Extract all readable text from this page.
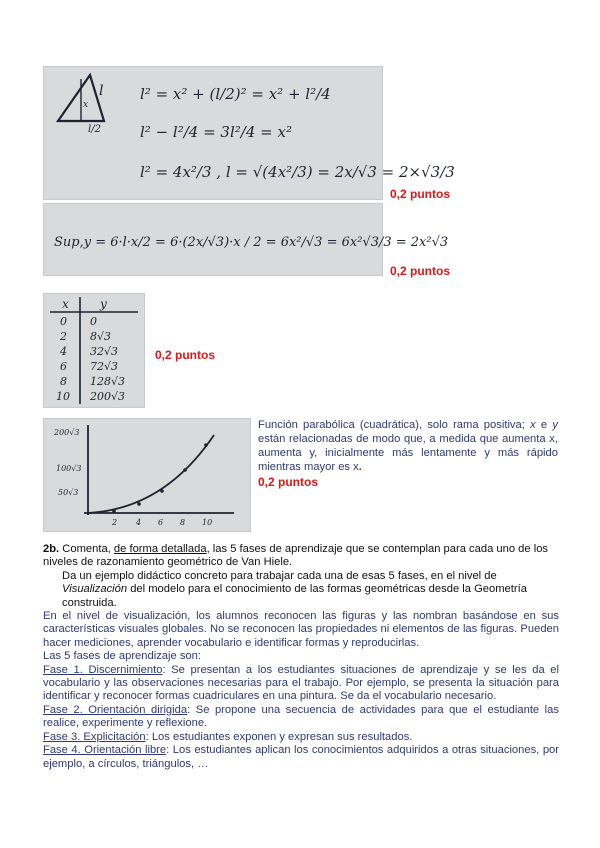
l
x
l/2
l² = x² + (l/2)² = x² + l²/4
l² − l²/4 = 3l²/4 = x²
l² = 4x²/3 , l = √(4x²/3) = 2x/√3 = 2×√3/3
0,2 puntos
Sup,y = 6·l·x/2 = 6·(2x/√3)·x / 2 = 6x²/√3 = 6x²√3/3 = 2x²√3
0,2 puntos
x	y
0 0
2 8√3
4 32√3
6 72√3
8 128√3
10 200√3
0,2 puntos
200√3
100√3
50√3
2 4 6 8 10
Función parabólica (cuadrática), solo rama positiva; x e y están relacionadas de modo que, a medida que aumenta x, aumenta y, inicialmente más lentamente y más rápido mientras mayor es x.
0,2 puntos
2b. Comenta, de forma detallada, las 5 fases de aprendizaje que se contemplan para cada uno de los niveles de razonamiento geométrico de Van Hiele.
Da un ejemplo didáctico concreto para trabajar cada una de esas 5 fases, en el nivel de Visualización del modelo para el conocimiento de las formas geométricas desde la Geometría construida.
En el nivel de visualización, los alumnos reconocen las figuras y las nombran basándose en sus características visuales globales. No se reconocen las propiedades ni elementos de las figuras. Pueden hacer mediciones, aprender vocabulario e identificar formas y reproducirlas.
Las 5 fases de aprendizaje son:
Fase 1. Discernimiento: Se presentan a los estudiantes situaciones de aprendizaje y se les da el vocabulario y las observaciones necesarias para el trabajo. Por ejemplo, se presenta la situación para identificar y reconocer formas cuadriculares en una pintura. Se da el vocabulario necesario.
Fase 2. Orientación dirigida: Se propone una secuencia de actividades para que el estudiante las realice, experimente y reflexione.
Fase 3. Explicitación: Los estudiantes exponen y expresan sus resultados.
Fase 4. Orientación libre: Los estudiantes aplican los conocimientos adquiridos a otras situaciones, por ejemplo, a círculos, triángulos, …
